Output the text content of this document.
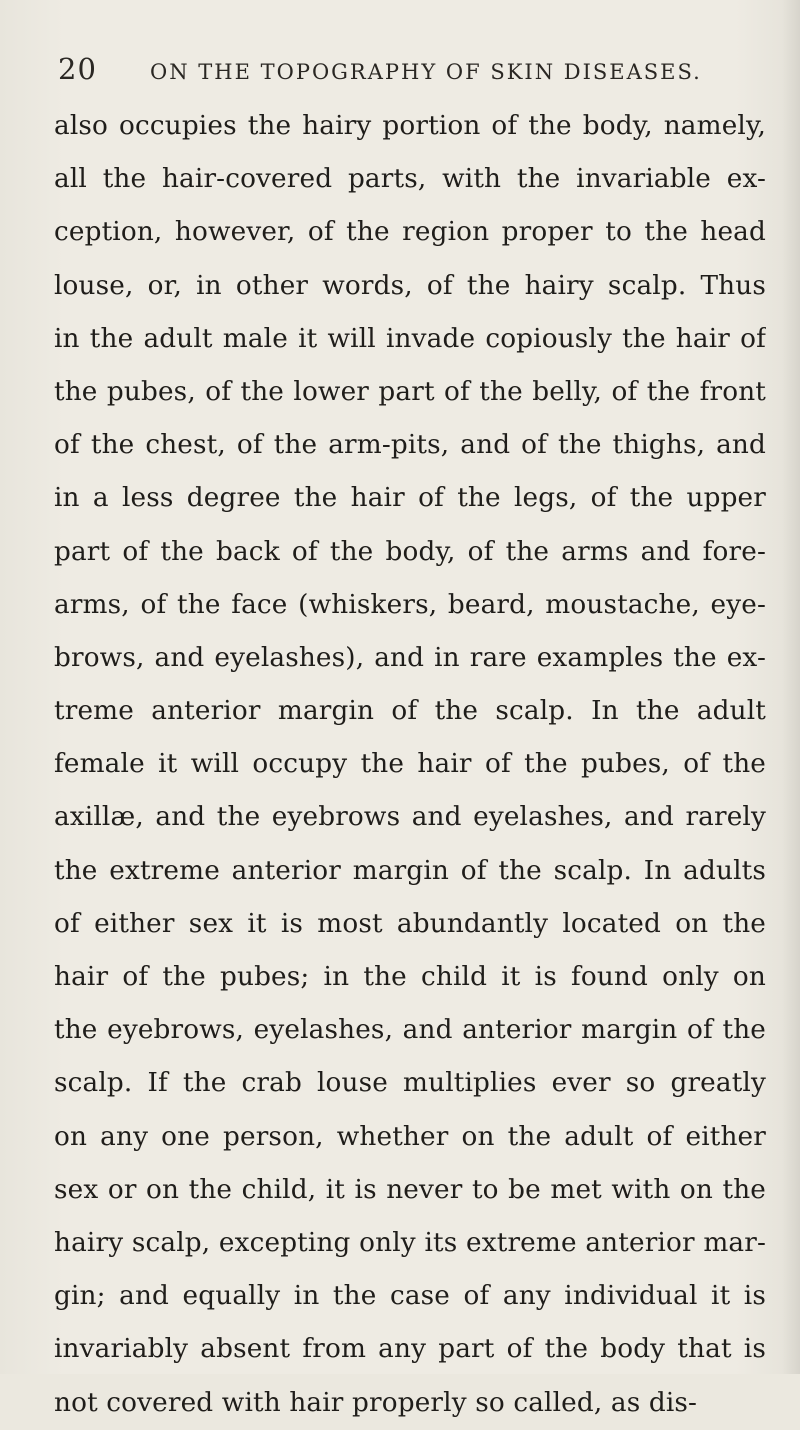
20	ON THE TOPOGRAPHY OF SKIN DISEASES.
also occupies the hairy portion of the body, namely,
all the hair-covered parts, with the invariable ex-
ception, however, of the region proper to the head
louse, or, in other words, of the hairy scalp. Thus
in the adult male it will invade copiously the hair of
the pubes, of the lower part of the belly, of the front
of the chest, of the arm-pits, and of the thighs, and
in a less degree the hair of the legs, of the upper
part of the back of the body, of the arms and fore-
arms, of the face (whiskers, beard, moustache, eye-
brows, and eyelashes), and in rare examples the ex-
treme anterior margin of the scalp. In the adult
female it will occupy the hair of the pubes, of the
axillæ, and the eyebrows and eyelashes, and rarely
the extreme anterior margin of the scalp. In adults
of either sex it is most abundantly located on the
hair of the pubes; in the child it is found only on
the eyebrows, eyelashes, and anterior margin of the
scalp. If the crab louse multiplies ever so greatly
on any one person, whether on the adult of either
sex or on the child, it is never to be met with on the
hairy scalp, excepting only its extreme anterior mar-
gin; and equally in the case of any individual it is
invariably absent from any part of the body that is
not covered with hair properly so called, as dis-
